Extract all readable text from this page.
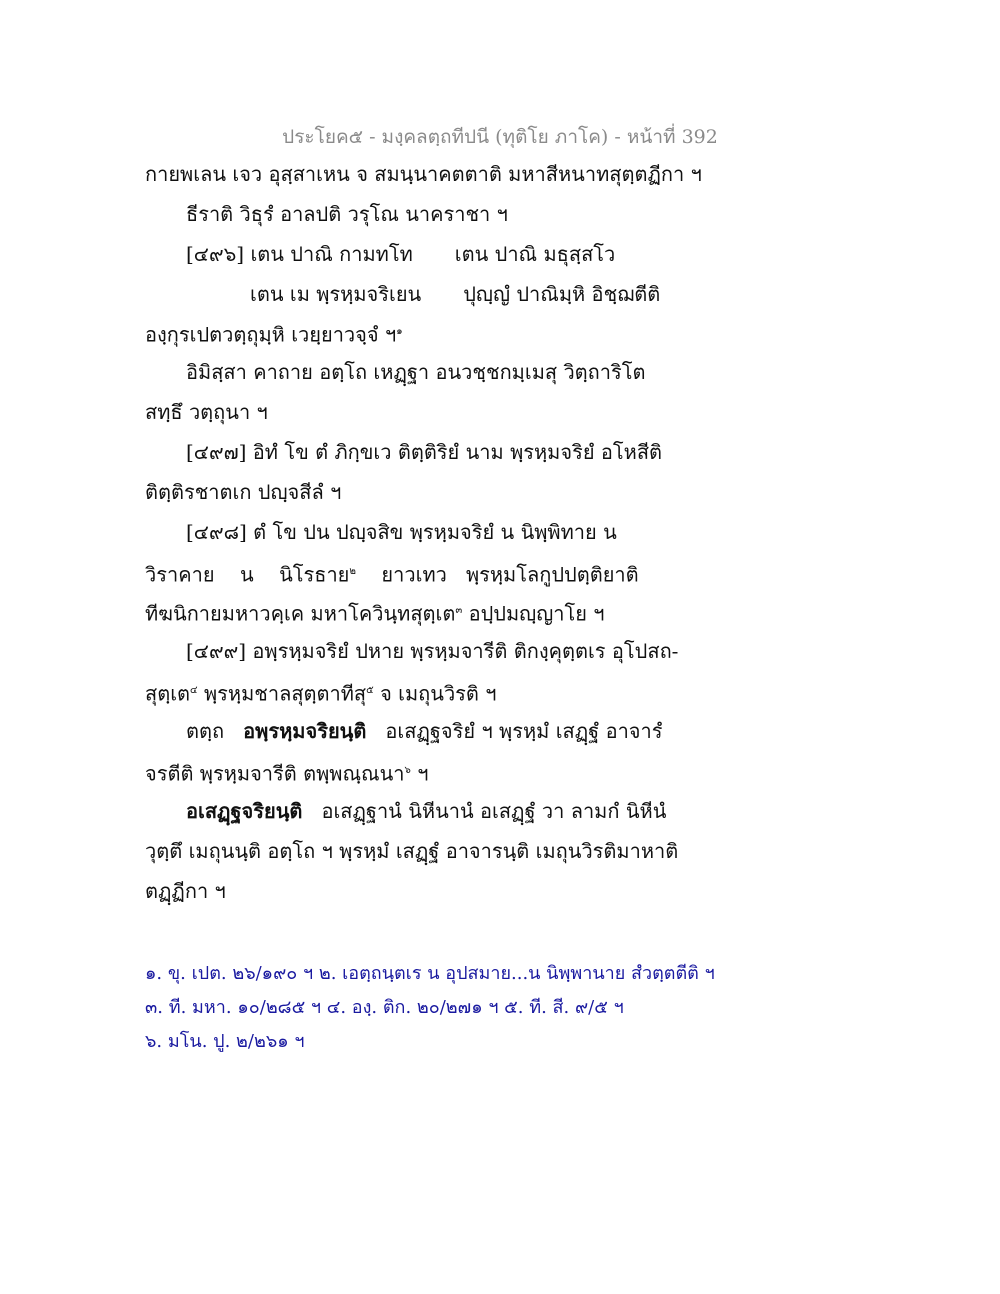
ประโยค๕ - มงฺคลตฺถทีปนี (ทุติโย ภาโค) - หน้าที่ 392
กายพเลน เจว อุสฺสาเหน จ สมนฺนาคตตาติ มหาสีหนาทสุตฺตฏีกา ฯ
ธีราติ วิธุรํ อาลปติ วรุโณ นาคราชา ฯ
[๔๙๖] เตน ปาณิ กามทโท เตน ปาณิ มธุสฺสโว
เตน เม พฺรหฺมจริเยน ปุญฺญํ ปาณิมฺหิ อิชฺฌตีติ
องฺกุรเปตวตฺถุมฺหิ เวยฺยาวจฺจํ ฯ$^๑$
อิมิสฺสา คาถาย อตฺโถ เหฏฺฐา อนวชฺชกมฺเมสุ วิตฺถาริโต
สทฺธึ วตฺถุนา ฯ
[๔๙๗] อิทํ โข ตํ ภิกฺขเว ติตฺติริยํ นาม พฺรหฺมจริยํ อโหสีติ
ติตฺติรชาตเก ปญฺจสีลํ ฯ
[๔๙๘] ตํ โข ปน ปญฺจสิข พฺรหฺมจริยํ น นิพฺพิทาย น
วิราคาย น นิโรธาย$^๒$ ยาวเทว พฺรหฺมโลกูปปตฺติยาติ
ทีฆนิกายมหาวคฺเค มหาโควินฺทสุตฺเต$^๓$ อปฺปมญฺญาโย ฯ
[๔๙๙] อพฺรหฺมจริยํ ปหาย พฺรหฺมจารีติ ติกงฺคุตฺตเร อุโปสถ-
สุตฺเต$^๔$ พฺรหฺมชาลสุตฺตาทีสุ$^๕$ จ เมถุนวิรติ ฯ
ตตฺถ อพฺรหฺมจริยนฺติ อเสฏฺฐจริยํ ฯ พฺรหฺมํ เสฏฺฐํ อาจารํ
จรตีติ พฺรหฺมจารีติ ตพฺพณฺณนา$^๖$ ฯ
อเสฏฺฐจริยนฺติ อเสฏฺฐานํ นิหีนานํ อเสฏฺฐํ วา ลามกํ นิหีนํ
วุตฺตึ เมถุนนฺติ อตฺโถ ฯ พฺรหฺมํ เสฏฺฐํ อาจารนฺติ เมถุนวิรติมาหาติ
ตฏฺฏีกา ฯ
๑. ขุ. เปต. ๒๖/๑๙๐ ฯ ๒. เอตฺถนฺตเร น อุปสมาย...น นิพฺพานาย สํวตฺตตีติ ฯ
๓. ที. มหา. ๑๐/๒๘๕ ฯ ๔. องฺ. ติก. ๒๐/๒๗๑ ฯ ๕. ที. สี. ๙/๕ ฯ
๖. มโน. ปู. ๒/๒๖๑ ฯ
